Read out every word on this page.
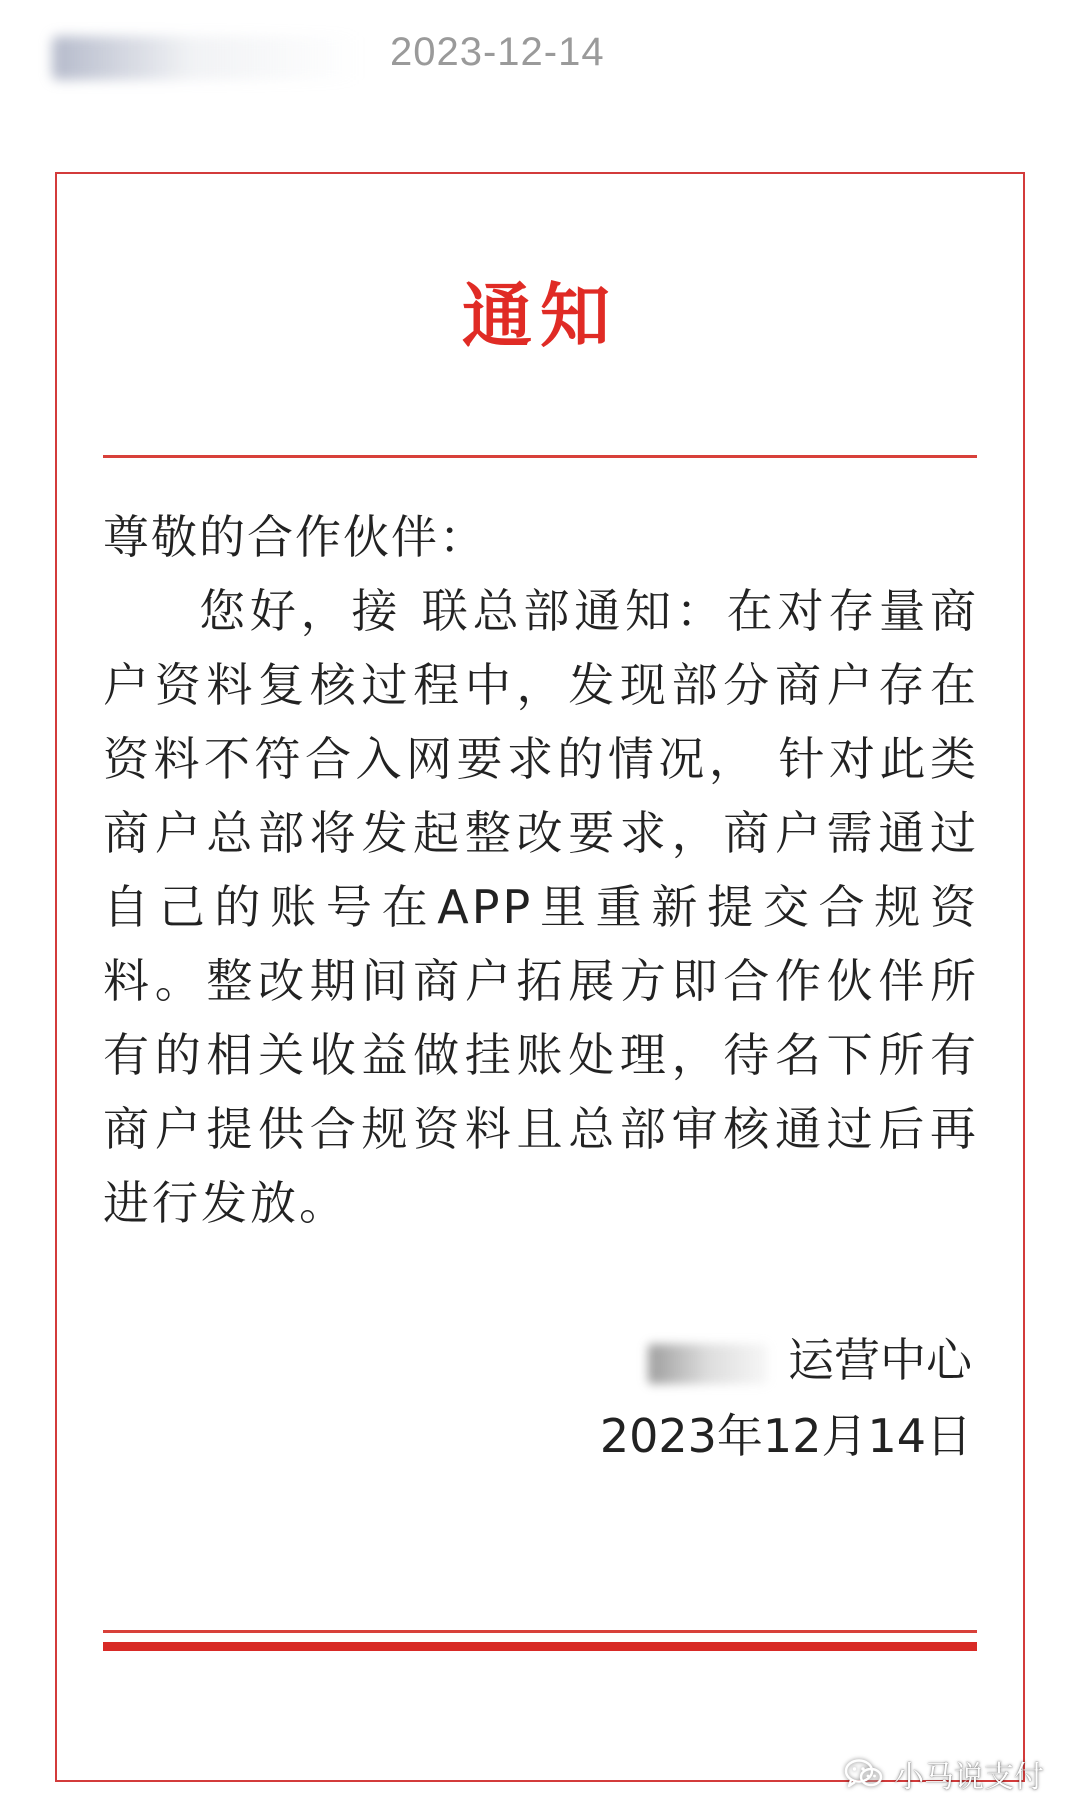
2023-12-14
通知

尊敬的合作伙伴：

您好，接 联总部通知：在对存量商户资料复核过程中，发现部分商户存在资料不符合入网要求的情况， 针对此类商户总部将发起整改要求，商户需通过自己的账号在APP里重新提交合规资料。整改期间商户拓展方即合作伙伴所有的相关收益做挂账处理，待名下所有商户提供合规资料且总部审核通过后再进行发放。

运营中心
2023年12月14日
小马说支付
